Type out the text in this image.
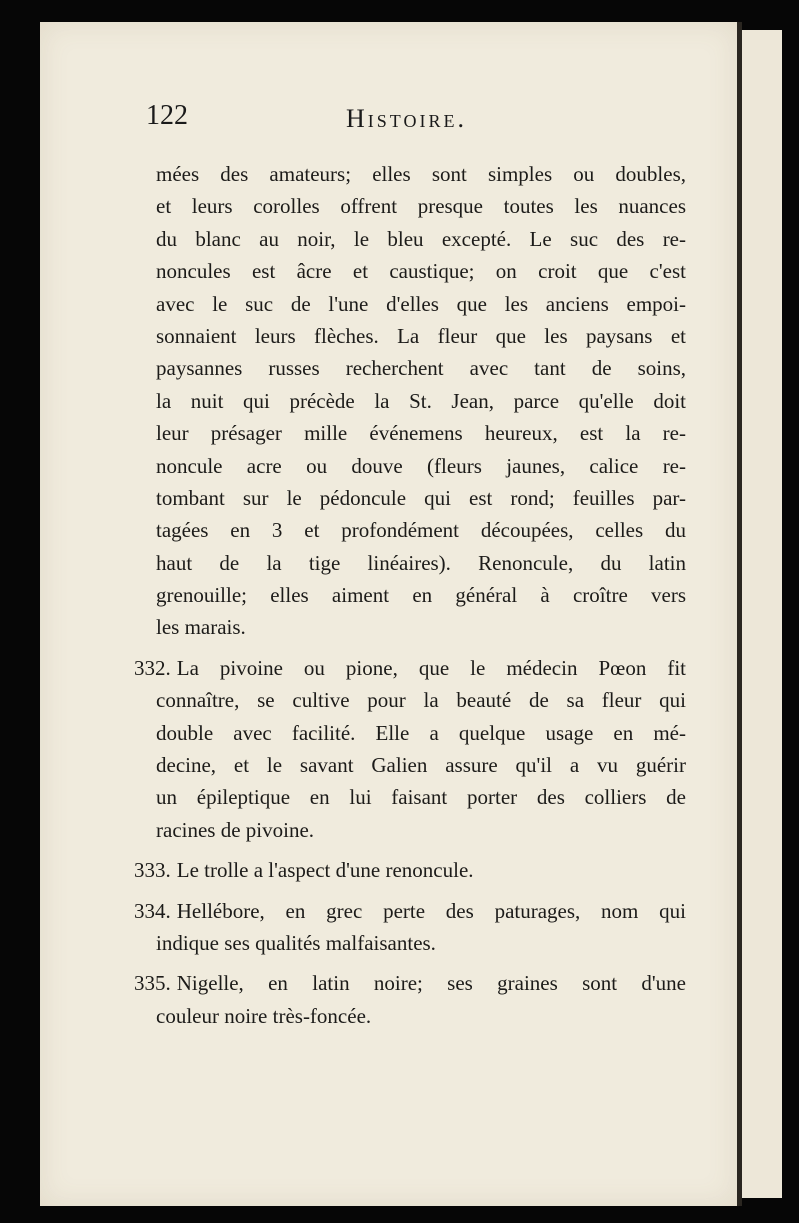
122	Histoire.
mées des amateurs; elles sont simples ou doubles,
et leurs corolles offrent presque toutes les nuances
du blanc au noir, le bleu excepté. Le suc des re-
noncules est âcre et caustique; on croit que c'est
avec le suc de l'une d'elles que les anciens empoi-
sonnaient leurs flèches. La fleur que les paysans et
paysannes russes recherchent avec tant de soins,
la nuit qui précède la St. Jean, parce qu'elle doit
leur présager mille événemens heureux, est la re-
noncule acre ou douve (fleurs jaunes, calice re-
tombant sur le pédoncule qui est rond; feuilles par-
tagées en 3 et profondément découpées, celles du
haut de la tige linéaires). Renoncule, du latin
grenouille; elles aiment en général à croître vers
les marais.
332. La pivoine ou pione, que le médecin Pœon fit
connaître, se cultive pour la beauté de sa fleur qui
double avec facilité. Elle a quelque usage en mé-
decine, et le savant Galien assure qu'il a vu guérir
un épileptique en lui faisant porter des colliers de
racines de pivoine.
333. Le trolle a l'aspect d'une renoncule.
334. Hellébore, en grec perte des paturages, nom qui
indique ses qualités malfaisantes.
335. Nigelle, en latin noire; ses graines sont d'une
couleur noire très-foncée.
